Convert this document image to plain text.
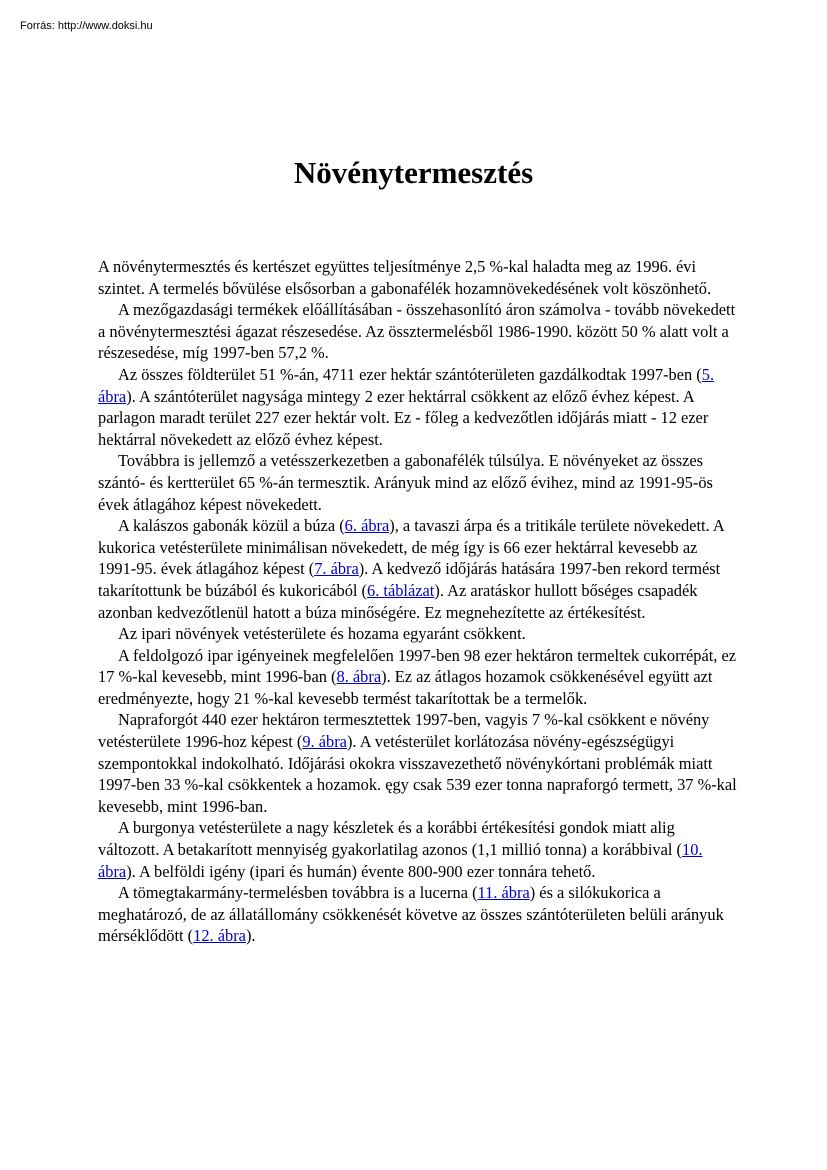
Forrás: http://www.doksi.hu
Növénytermesztés

A növénytermesztés és kertészet együttes teljesítménye 2,5 %-kal haladta meg az 1996. évi szintet. A termelés bővülése elsősorban a gabonafélék hozamnövekedésének volt köszönhető.

A mezőgazdasági termékek előállításában - összehasonlító áron számolva - tovább növekedett a növénytermesztési ágazat részesedése. Az össztermelésből 1986-1990. között 50 % alatt volt a részesedése, míg 1997-ben 57,2 %.

Az összes földterület 51 %-án, 4711 ezer hektár szántóterületen gazdálkodtak 1997-ben (5. ábra). A szántóterület nagysága mintegy 2 ezer hektárral csökkent az előző évhez képest. A parlagon maradt terület 227 ezer hektár volt. Ez - főleg a kedvezőtlen időjárás miatt - 12 ezer hektárral növekedett az előző évhez képest.

Továbbra is jellemző a vetésszerkezetben a gabonafélék túlsúlya. E növényeket az összes szántó- és kertterület 65 %-án termesztik. Arányuk mind az előző évihez, mind az 1991-95-ös évek átlagához képest növekedett.

A kalászos gabonák közül a búza (6. ábra), a tavaszi árpa és a tritikále területe növekedett. A kukorica vetésterülete minimálisan növekedett, de még így is 66 ezer hektárral kevesebb az 1991-95. évek átlagához képest (7. ábra). A kedvező időjárás hatására 1997-ben rekord termést takarítottunk be búzából és kukoricából (6. táblázat). Az aratáskor hullott bőséges csapadék azonban kedvezőtlenül hatott a búza minőségére. Ez megnehezítette az értékesítést.

Az ipari növények vetésterülete és hozama egyaránt csökkent.

A feldolgozó ipar igényeinek megfelelően 1997-ben 98 ezer hektáron termeltek cukorrépát, ez 17 %-kal kevesebb, mint 1996-ban (8. ábra). Ez az átlagos hozamok csökkenésével együtt azt eredményezte, hogy 21 %-kal kevesebb termést takarítottak be a termelők.

Napraforgót 440 ezer hektáron termesztettek 1997-ben, vagyis 7 %-kal csökkent e növény vetésterülete 1996-hoz képest (9. ábra). A vetésterület korlátozása növény-egészségügyi szempontokkal indokolható. Időjárási okokra visszavezethető növénykórtani problémák miatt 1997-ben 33 %-kal csökkentek a hozamok. ęgy csak 539 ezer tonna napraforgó termett, 37 %-kal kevesebb, mint 1996-ban.

A burgonya vetésterülete a nagy készletek és a korábbi értékesítési gondok miatt alig változott. A betakarított mennyiség gyakorlatilag azonos (1,1 millió tonna) a korábbival (10. ábra). A belföldi igény (ipari és humán) évente 800-900 ezer tonnára tehető.

A tömegtakarmány-termelésben továbbra is a lucerna (11. ábra) és a silókukorica a meghatározó, de az állatállomány csökkenését követve az összes szántóterületen belüli arányuk mérséklődött (12. ábra).
